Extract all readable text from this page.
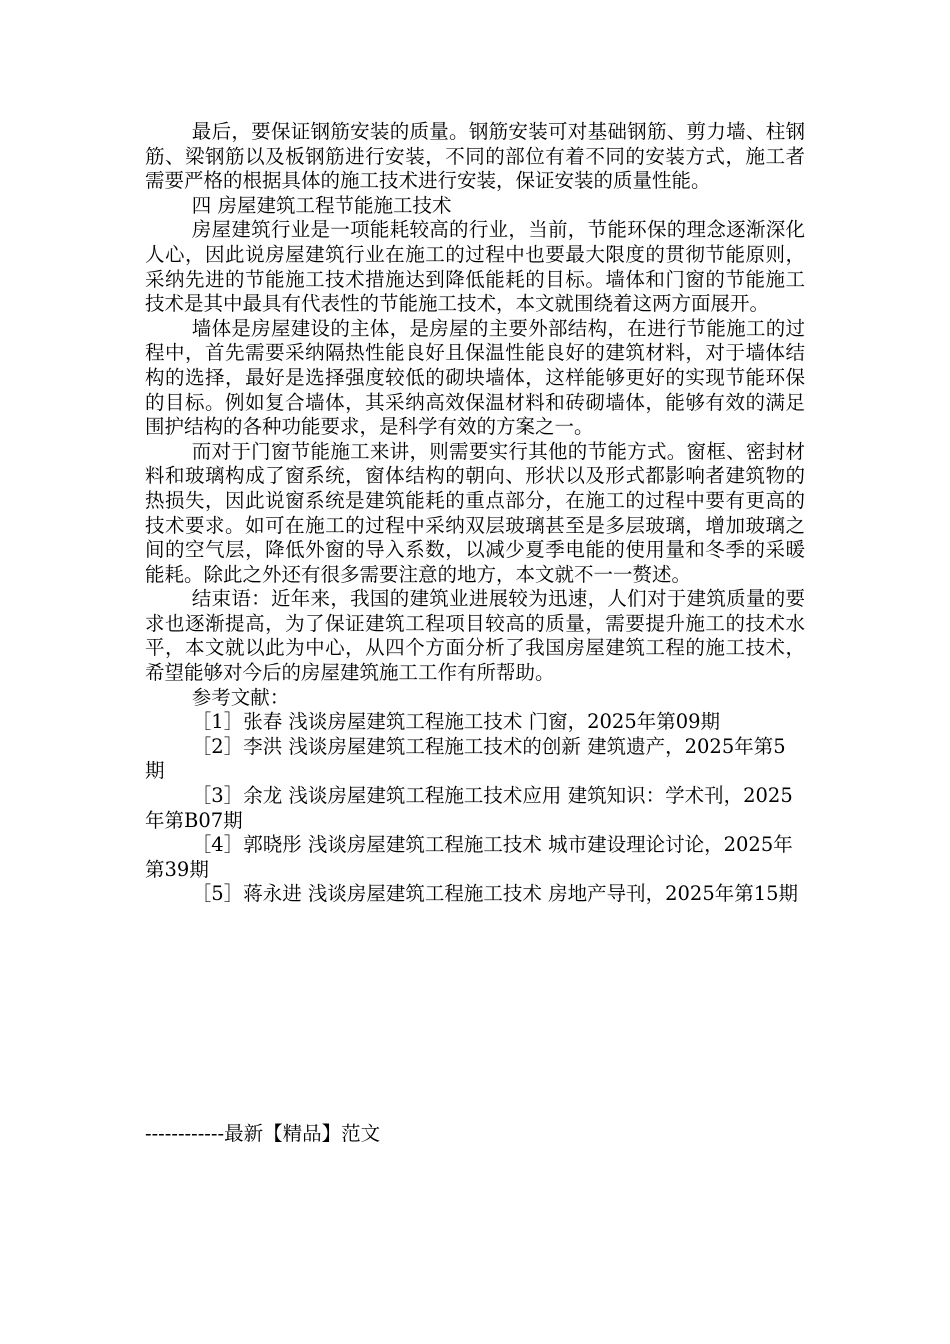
最后，要保证钢筋安装的质量。钢筋安装可对基础钢筋、剪力墙、柱钢筋、梁钢筋以及板钢筋进行安装，不同的部位有着不同的安装方式，施工者需要严格的根据具体的施工技术进行安装，保证安装的质量性能。

四 房屋建筑工程节能施工技术

房屋建筑行业是一项能耗较高的行业，当前，节能环保的理念逐渐深化人心，因此说房屋建筑行业在施工的过程中也要最大限度的贯彻节能原则，采纳先进的节能施工技术措施达到降低能耗的目标。墙体和门窗的节能施工技术是其中最具有代表性的节能施工技术，本文就围绕着这两方面展开。

墙体是房屋建设的主体，是房屋的主要外部结构，在进行节能施工的过程中，首先需要采纳隔热性能良好且保温性能良好的建筑材料，对于墙体结构的选择，最好是选择强度较低的砌块墙体，这样能够更好的实现节能环保的目标。例如复合墙体，其采纳高效保温材料和砖砌墙体，能够有效的满足围护结构的各种功能要求，是科学有效的方案之一。

而对于门窗节能施工来讲，则需要实行其他的节能方式。窗框、密封材料和玻璃构成了窗系统，窗体结构的朝向、形状以及形式都影响者建筑物的热损失，因此说窗系统是建筑能耗的重点部分，在施工的过程中要有更高的技术要求。如可在施工的过程中采纳双层玻璃甚至是多层玻璃，增加玻璃之间的空气层，降低外窗的导入系数，以减少夏季电能的使用量和冬季的采暖能耗。除此之外还有很多需要注意的地方，本文就不一一赘述。

结束语：近年来，我国的建筑业进展较为迅速，人们对于建筑质量的要求也逐渐提高，为了保证建筑工程项目较高的质量，需要提升施工的技术水平，本文就以此为中心，从四个方面分析了我国房屋建筑工程的施工技术，希望能够对今后的房屋建筑施工工作有所帮助。

参考文献：

［1］张春 浅谈房屋建筑工程施工技术 门窗，2025年第09期

［2］李洪 浅谈房屋建筑工程施工技术的创新 建筑遗产，2025年第5期

［3］余龙 浅谈房屋建筑工程施工技术应用 建筑知识：学术刊，2025年第B07期

［4］郭晓彤 浅谈房屋建筑工程施工技术 城市建设理论讨论，2025年第39期

［5］蒋永进 浅谈房屋建筑工程施工技术 房地产导刊，2025年第15期

------------最新【精品】范文
